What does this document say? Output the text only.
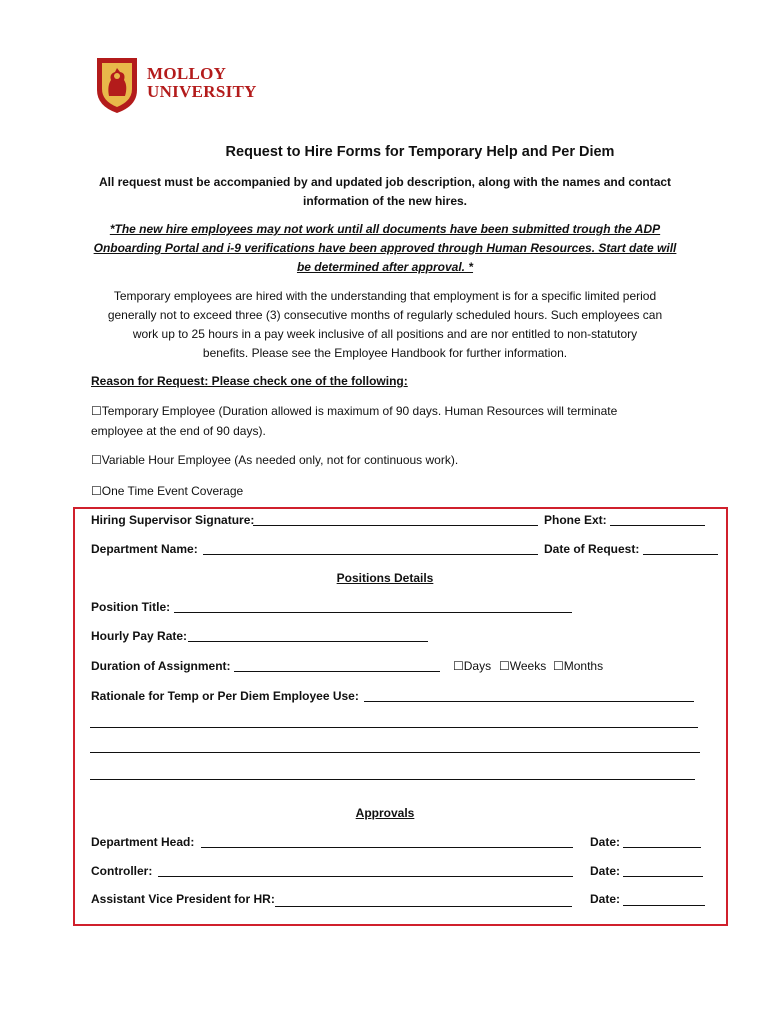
MOLLOY
UNIVERSITY
Request to Hire Forms for Temporary Help and Per Diem
All request must be accompanied by and updated job description, along with the names and contact
information of the new hires.
*The new hire employees may not work until all documents have been submitted trough the ADP
Onboarding Portal and i-9 verifications have been approved through Human Resources. Start date will
be determined after approval. *
Temporary employees are hired with the understanding that employment is for a specific limited period
generally not to exceed three (3) consecutive months of regularly scheduled hours. Such employees can
work up to 25 hours in a pay week inclusive of all positions and are nor entitled to non-statutory
benefits. Please see the Employee Handbook for further information.
Reason for Request: Please check one of the following:
☐Temporary Employee (Duration allowed is maximum of 90 days. Human Resources will terminate
employee at the end of 90 days).
☐Variable Hour Employee (As needed only, not for continuous work).
☐One Time Event Coverage
Hiring Supervisor Signature:	Phone Ext:
Department Name:	Date of Request:
Positions Details
Position Title:
Hourly Pay Rate:
Duration of Assignment:	☐Days ☐Weeks ☐Months
Rationale for Temp or Per Diem Employee Use:
Approvals
Department Head:	Date:
Controller:	Date:
Assistant Vice President for HR:	Date:
